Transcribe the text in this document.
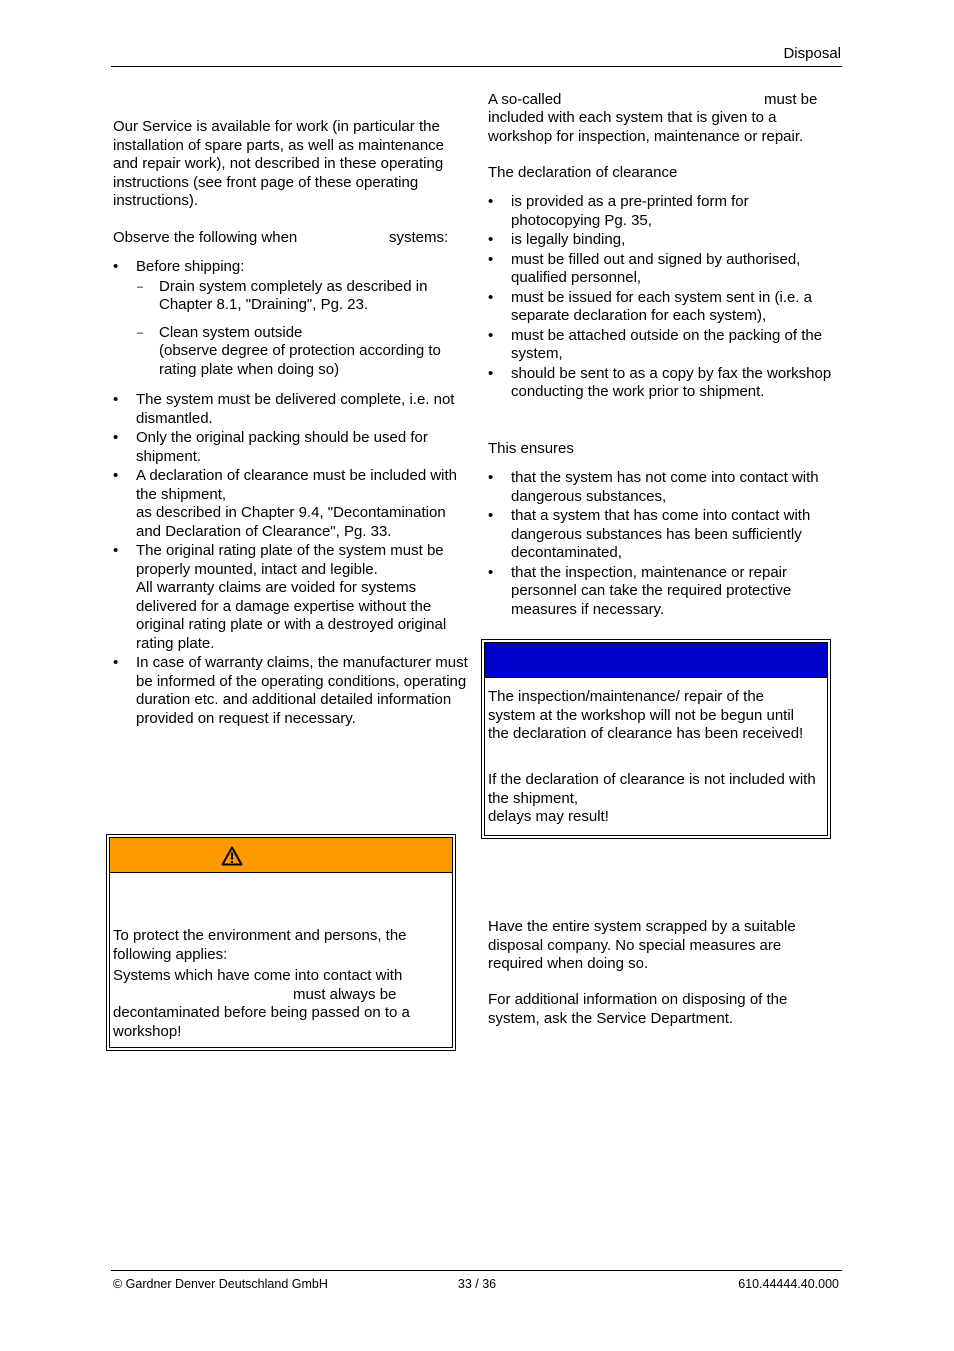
Disposal
Our Service is available for work (in particular the installation of spare parts, as well as maintenance and repair work), not described in these operating instructions (see front page of these operating instructions).
Observe the following when	systems:
• Before shipping:
– Drain system completely as described in Chapter 8.1, "Draining", Pg. 23.
– Clean system outside
(observe degree of protection according to rating plate when doing so)
• The system must be delivered complete, i.e. not dismantled.
• Only the original packing should be used for shipment.
• A declaration of clearance must be included with the shipment,
as described in Chapter 9.4, "Decontamination and Declaration of Clearance", Pg. 33.
• The original rating plate of the system must be properly mounted, intact and legible.
All warranty claims are voided for systems delivered for a damage expertise without the original rating plate or with a destroyed original rating plate.
• In case of warranty claims, the manufacturer must be informed of the operating conditions, operating duration etc. and additional detailed information provided on request if necessary.
To protect the environment and persons, the following applies:
Systems which have come into contact with
must always be
decontaminated before being passed on to a workshop!
A so-called	must be
included with each system that is given to a workshop for inspection, maintenance or repair.
The declaration of clearance
• is provided as a pre-printed form for photocopying Pg. 35,
• is legally binding,
• must be filled out and signed by authorised, qualified personnel,
• must be issued for each system sent in (i.e. a separate declaration for each system),
• must be attached outside on the packing of the system,
• should be sent to as a copy by fax the workshop conducting the work prior to shipment.
This ensures
• that the system has not come into contact with dangerous substances,
• that a system that has come into contact with dangerous substances has been sufficiently decontaminated,
• that the inspection, maintenance or repair personnel can take the required protective measures if necessary.
The inspection/maintenance/ repair of the system at the workshop will not be begun until the declaration of clearance has been received!
If the declaration of clearance is not included with the shipment,
delays may result!
Have the entire system scrapped by a suitable disposal company. No special measures are required when doing so.
For additional information on disposing of the system, ask the Service Department.
© Gardner Denver Deutschland GmbH	33 / 36	610.44444.40.000
